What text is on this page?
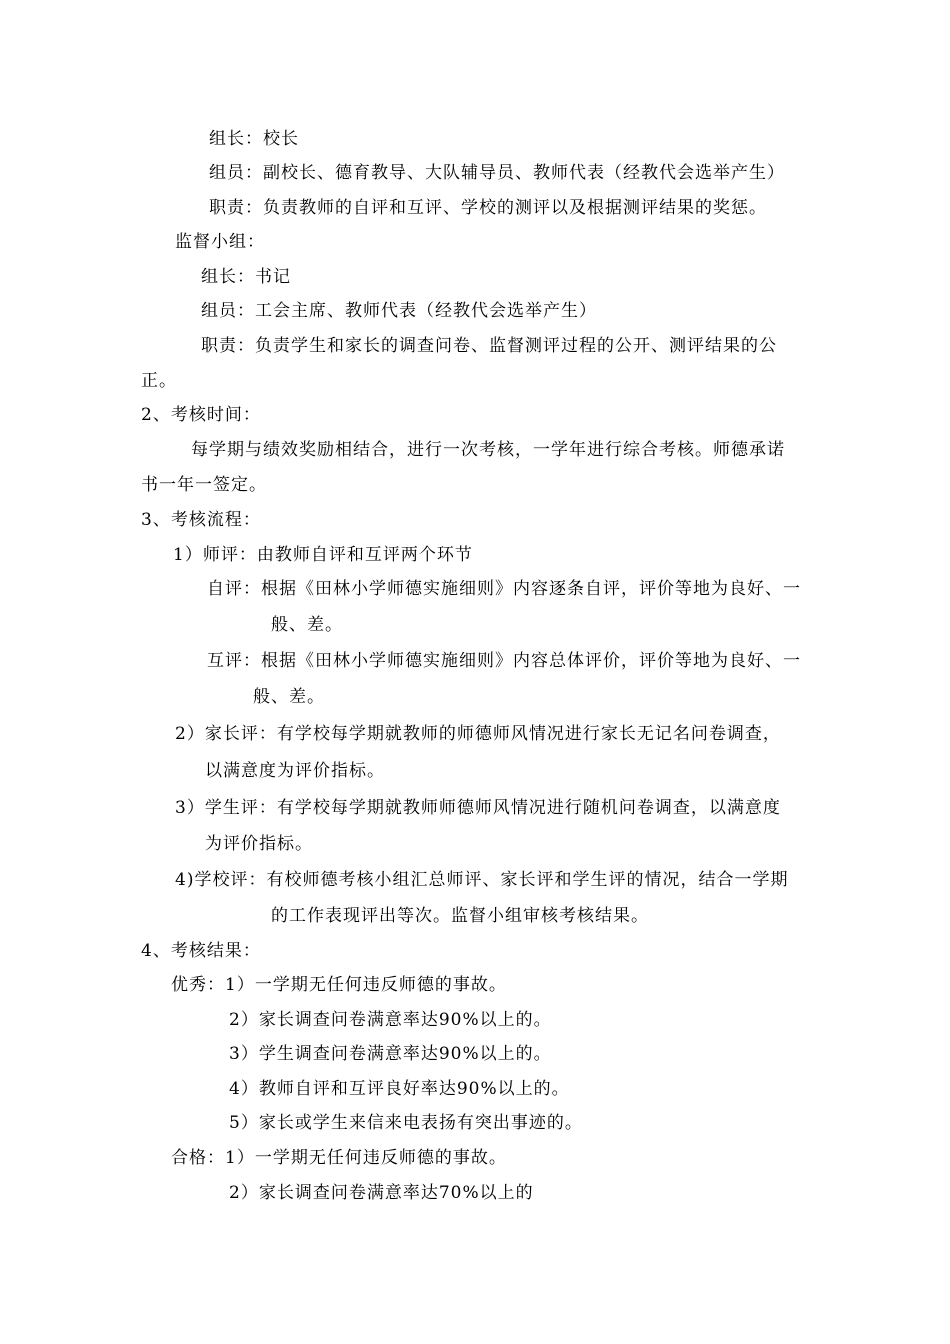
组长：校长

组员：副校长、德育教导、大队辅导员、教师代表（经教代会选举产生）

职责：负责教师的自评和互评、学校的测评以及根据测评结果的奖惩。

监督小组：

组长：书记

组员：工会主席、教师代表（经教代会选举产生）

职责：负责学生和家长的调查问卷、监督测评过程的公开、测评结果的公

正。

2、考核时间：

每学期与绩效奖励相结合，进行一次考核，一学年进行综合考核。师德承诺

书一年一签定。

3、考核流程：

1）师评：由教师自评和互评两个环节

自评：根据《田林小学师德实施细则》内容逐条自评，评价等地为良好、一

般、差。

互评：根据《田林小学师德实施细则》内容总体评价，评价等地为良好、一

般、差。

2）家长评：有学校每学期就教师的师德师风情况进行家长无记名问卷调查，

以满意度为评价指标。

3）学生评：有学校每学期就教师师德师风情况进行随机问卷调查，以满意度

为评价指标。

4)学校评：有校师德考核小组汇总师评、家长评和学生评的情况，结合一学期

的工作表现评出等次。监督小组审核考核结果。

4、考核结果：

优秀：1）一学期无任何违反师德的事故。

2）家长调查问卷满意率达90%以上的。

3）学生调查问卷满意率达90%以上的。

4）教师自评和互评良好率达90%以上的。

5）家长或学生来信来电表扬有突出事迹的。

合格：1）一学期无任何违反师德的事故。

2）家长调查问卷满意率达70%以上的
